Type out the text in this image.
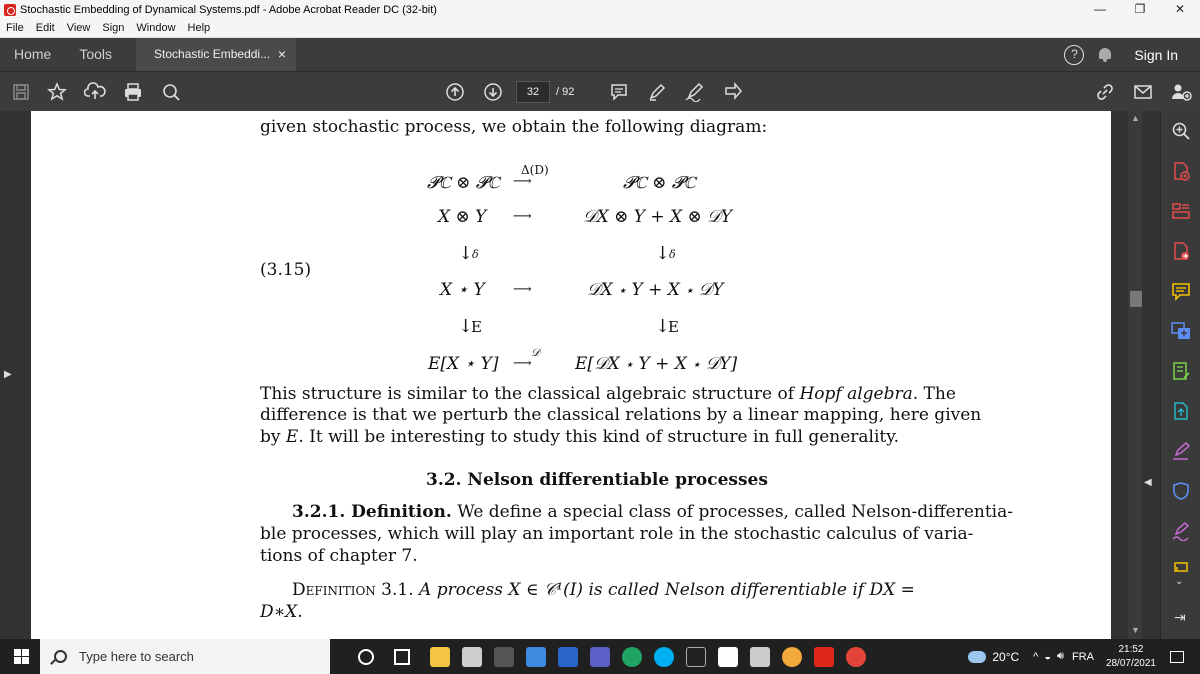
Stochastic Embedding of Dynamical Systems.pdf - Adobe Acrobat Reader DC (32-bit)	—	❐	✕
File	Edit	View	Sign	Window	Help
Home	Tools	Stochastic Embeddi... ×	?	Sign In
32	/ 92
▶
given stochastic process, we obtain the following diagram:
(3.15)
𝓟ℂ ⊗ 𝓟ℂ
Δ(D)
⟶	𝓟ℂ ⊗ 𝓟ℂ
X ⊗ Y ⟶	𝒟X ⊗ Y + X ⊗ 𝒟Y
↓
δ	↓
δ
X ⋆ Y ⟶	𝒟X ⋆ Y + X ⋆ 𝒟Y
↓
E	↓
E
E[X ⋆ Y]
𝒟
⟶	E[𝒟X ⋆ Y + X ⋆ 𝒟Y]
This structure is similar to the classical algebraic structure of Hopf algebra. The
difference is that we perturb the classical relations by a linear mapping, here given
by E. It will be interesting to study this kind of structure in full generality.
3.2. Nelson differentiable processes
3.2.1. Definition. We define a special class of processes, called Nelson-differentia-
ble processes, which will play an important role in the stochastic calculus of varia-
tions of chapter 7.
Definition 3.1. A process X ∈ 𝒞¹(I) is called Nelson differentiable if DX =
D∗X.
▲
▼
◀
⌄
⇥
Type here to search	20°C ^ ◒ 🔊︎ FRA
21:52
28/07/2021
